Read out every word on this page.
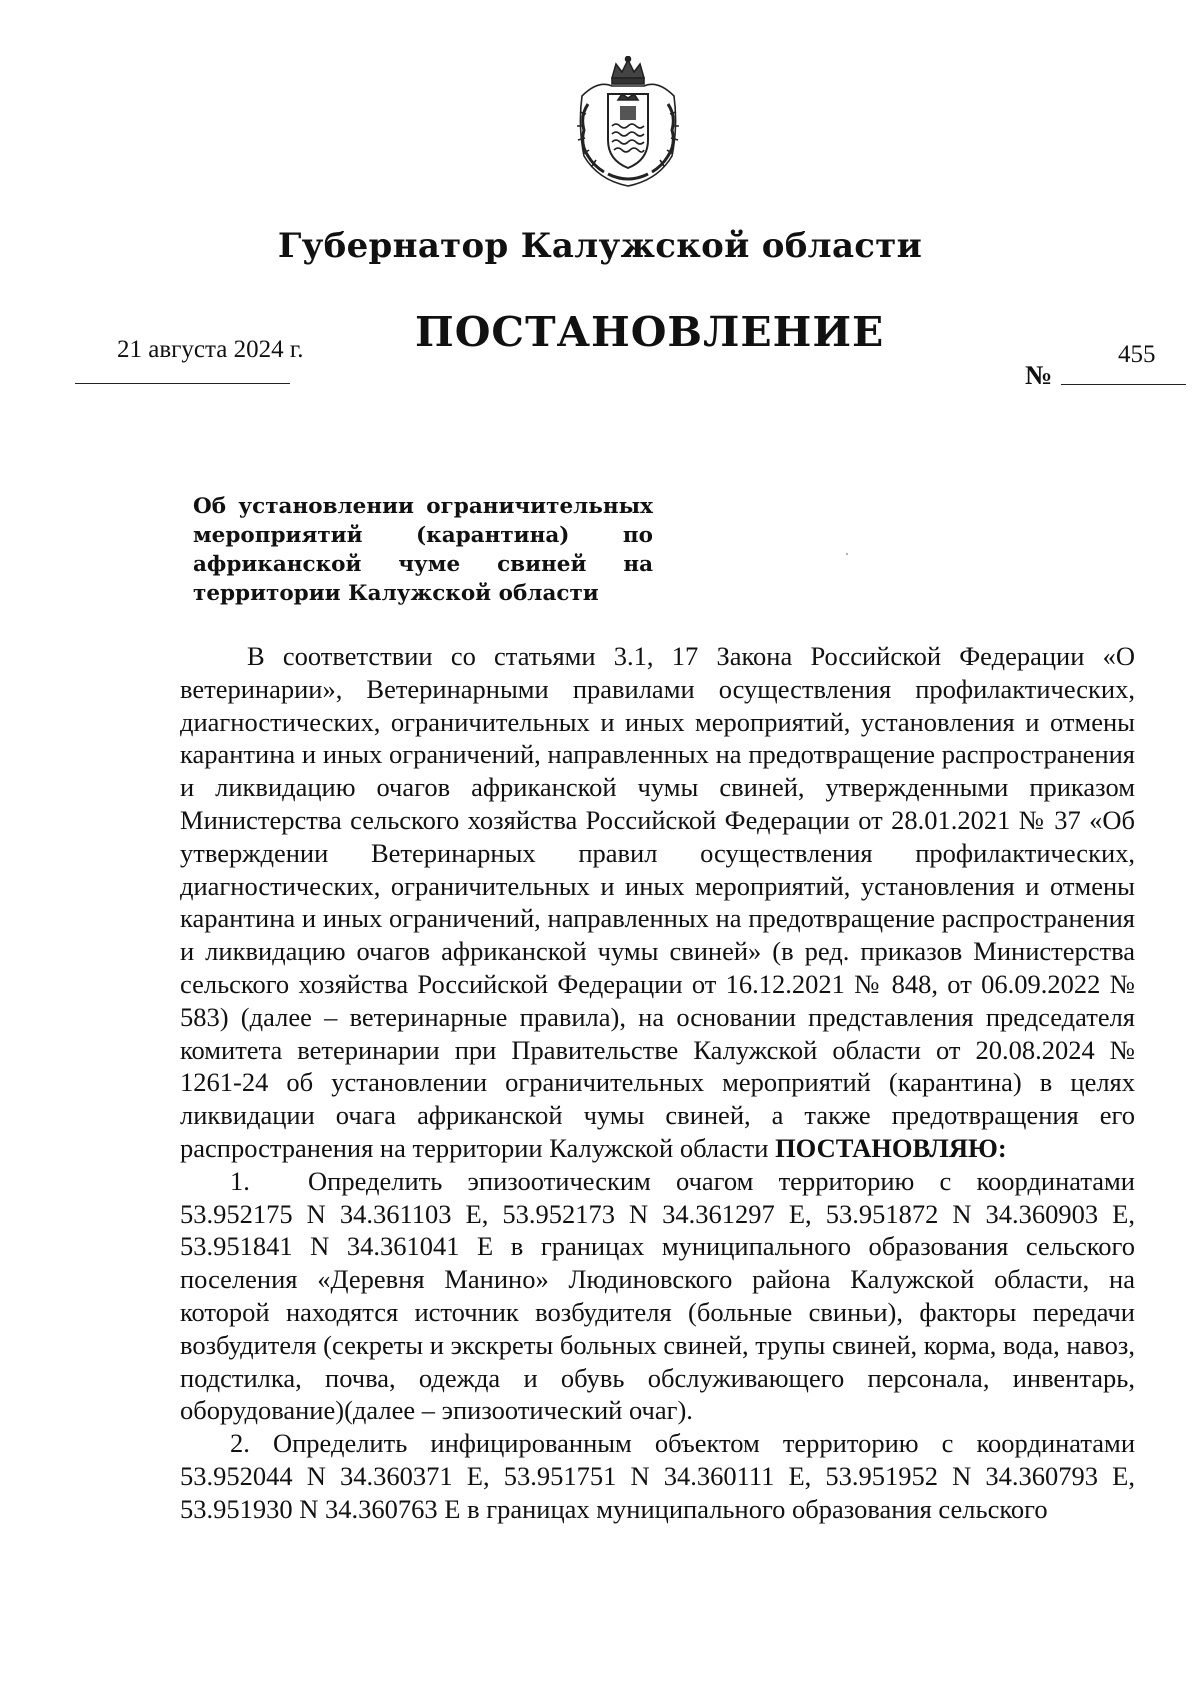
Губернатор Калужской области
ПОСТАНОВЛЕНИЕ
21 августа 2024 г.
№
455
Об установлении ограничительных мероприятий (карантина) по африканской чуме свиней на территории Калужской области

В соответствии со статьями 3.1, 17 Закона Российской Федерации «О ветеринарии», Ветеринарными правилами осуществления профилактических, диагностических, ограничительных и иных мероприятий, установления и отмены карантина и иных ограничений, направленных на предотвращение распространения и ликвидацию очагов африканской чумы свиней, утвержденными приказом Министерства сельского хозяйства Российской Федерации от 28.01.2021 № 37 «Об утверждении Ветеринарных правил осуществления профилактических, диагностических, ограничительных и иных мероприятий, установления и отмены карантина и иных ограничений, направленных на предотвращение распространения и ликвидацию очагов африканской чумы свиней» (в ред. приказов Министерства сельского хозяйства Российской Федерации от 16.12.2021 № 848, от 06.09.2022 № 583) (далее – ветеринарные правила), на основании представления председателя комитета ветеринарии при Правительстве Калужской области от 20.08.2024 № 1261-24 об установлении ограничительных мероприятий (карантина) в целях ликвидации очага африканской чумы свиней, а также предотвращения его распространения на территории Калужской области ПОСТАНОВЛЯЮ:

1. Определить эпизоотическим очагом территорию с координатами 53.952175 N 34.361103 E, 53.952173 N 34.361297 E, 53.951872 N 34.360903 E, 53.951841 N 34.361041 E в границах муниципального образования сельского поселения «Деревня Манино» Людиновского района Калужской области, на которой находятся источник возбудителя (больные свиньи), факторы передачи возбудителя (секреты и экскреты больных свиней, трупы свиней, корма, вода, навоз, подстилка, почва, одежда и обувь обслуживающего персонала, инвентарь, оборудование)(далее – эпизоотический очаг).

2. Определить инфицированным объектом территорию с координатами 53.952044 N 34.360371 E, 53.951751 N 34.360111 E, 53.951952 N 34.360793 E, 53.951930 N 34.360763 E в границах муниципального образования сельского
